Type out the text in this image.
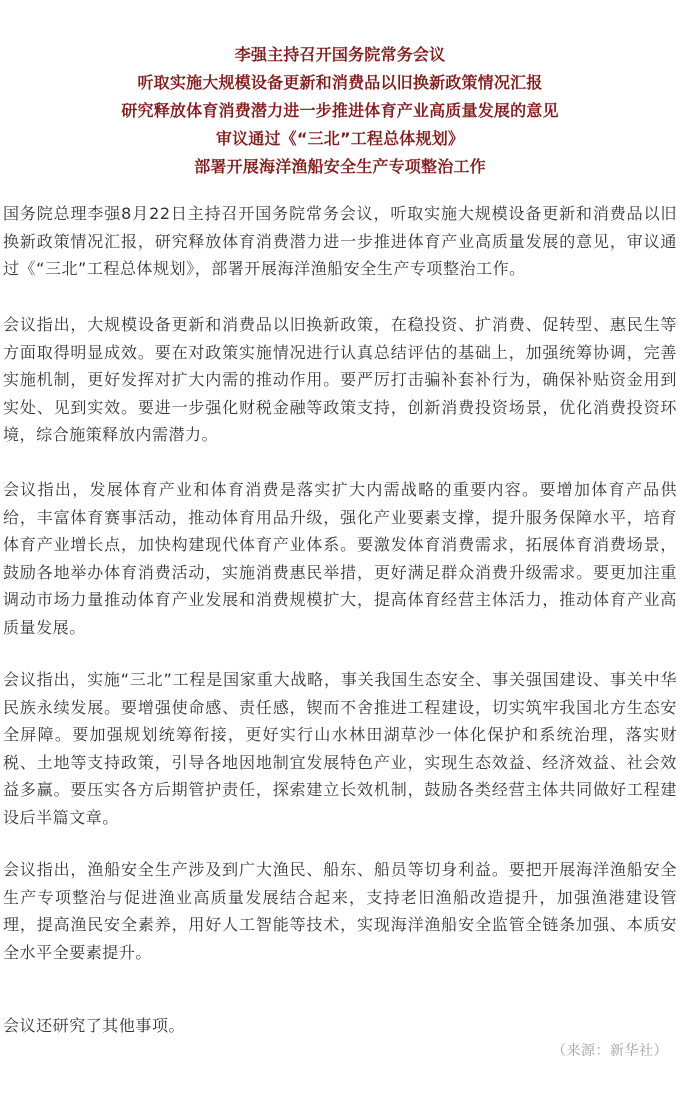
李强主持召开国务院常务会议
听取实施大规模设备更新和消费品以旧换新政策情况汇报
研究释放体育消费潜力进一步推进体育产业高质量发展的意见
审议通过《“三北”工程总体规划》
部署开展海洋渔船安全生产专项整治工作

国务院总理李强8月22日主持召开国务院常务会议，听取实施大规模设备更新和消费品以旧换新政策情况汇报，研究释放体育消费潜力进一步推进体育产业高质量发展的意见，审议通过《“三北”工程总体规划》，部署开展海洋渔船安全生产专项整治工作。

会议指出，大规模设备更新和消费品以旧换新政策，在稳投资、扩消费、促转型、惠民生等方面取得明显成效。要在对政策实施情况进行认真总结评估的基础上，加强统筹协调，完善实施机制，更好发挥对扩大内需的推动作用。要严厉打击骗补套补行为，确保补贴资金用到实处、见到实效。要进一步强化财税金融等政策支持，创新消费投资场景，优化消费投资环境，综合施策释放内需潜力。

会议指出，发展体育产业和体育消费是落实扩大内需战略的重要内容。要增加体育产品供给，丰富体育赛事活动，推动体育用品升级，强化产业要素支撑，提升服务保障水平，培育体育产业增长点，加快构建现代体育产业体系。要激发体育消费需求，拓展体育消费场景，鼓励各地举办体育消费活动，实施消费惠民举措，更好满足群众消费升级需求。要更加注重调动市场力量推动体育产业发展和消费规模扩大，提高体育经营主体活力，推动体育产业高质量发展。

会议指出，实施“三北”工程是国家重大战略，事关我国生态安全、事关强国建设、事关中华民族永续发展。要增强使命感、责任感，锲而不舍推进工程建设，切实筑牢我国北方生态安全屏障。要加强规划统筹衔接，更好实行山水林田湖草沙一体化保护和系统治理，落实财税、土地等支持政策，引导各地因地制宜发展特色产业，实现生态效益、经济效益、社会效益多赢。要压实各方后期管护责任，探索建立长效机制，鼓励各类经营主体共同做好工程建设后半篇文章。

会议指出，渔船安全生产涉及到广大渔民、船东、船员等切身利益。要把开展海洋渔船安全生产专项整治与促进渔业高质量发展结合起来，支持老旧渔船改造提升，加强渔港建设管理，提高渔民安全素养，用好人工智能等技术，实现海洋渔船安全监管全链条加强、本质安全水平全要素提升。

会议还研究了其他事项。

（来源：新华社）
